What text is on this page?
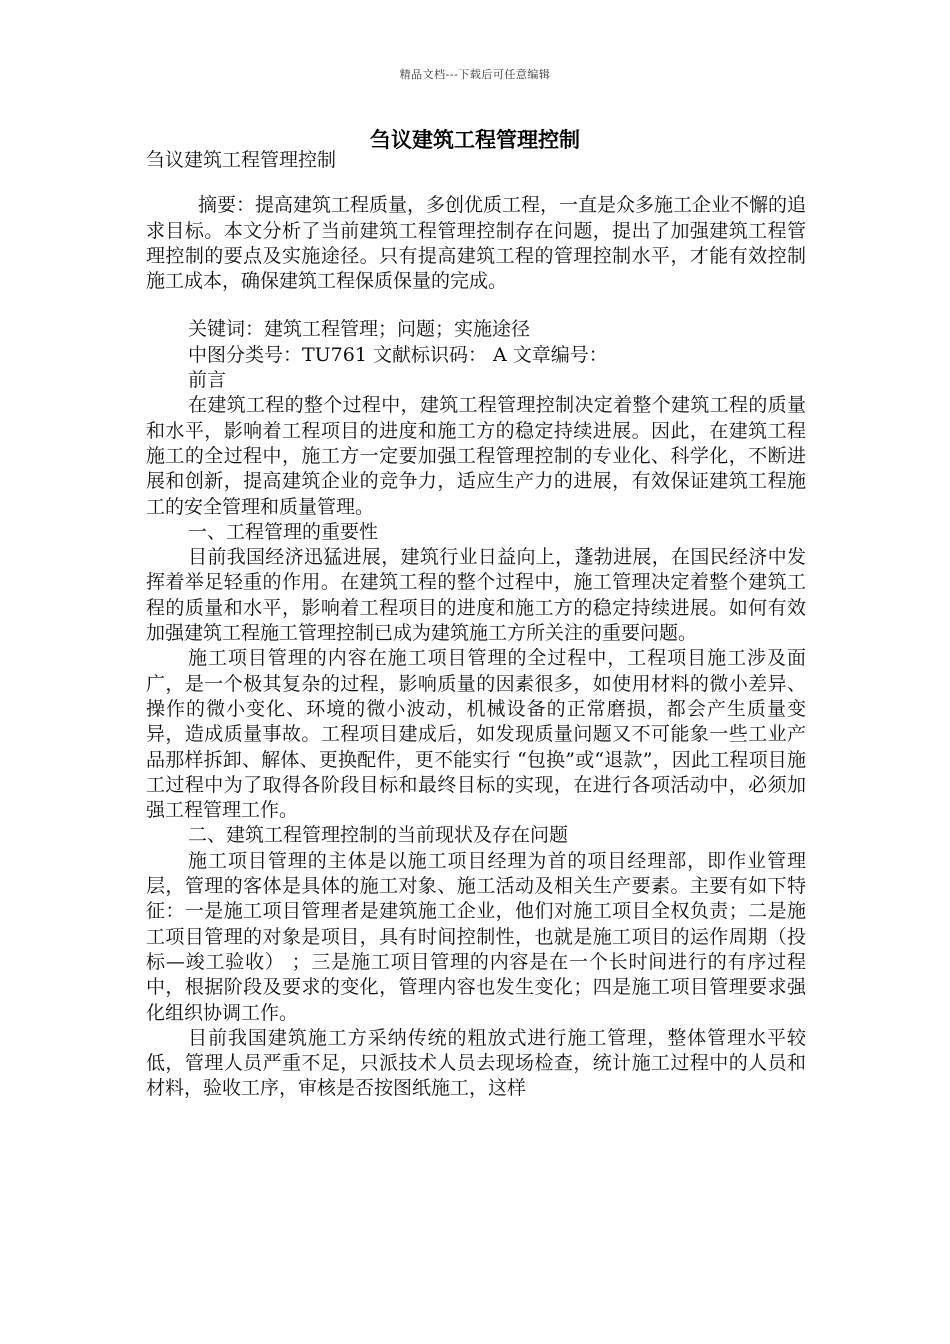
精品文档---下载后可任意编辑
刍议建筑工程管理控制

刍议建筑工程管理控制

摘要：提高建筑工程质量，多创优质工程，一直是众多施工企业不懈的追求目标。本文分析了当前建筑工程管理控制存在问题，提出了加强建筑工程管理控制的要点及实施途径。只有提高建筑工程的管理控制水平，才能有效控制施工成本，确保建筑工程保质保量的完成。

关键词：建筑工程管理；问题；实施途径

中图分类号：TU761 文献标识码： A 文章编号：

前言

在建筑工程的整个过程中，建筑工程管理控制决定着整个建筑工程的质量和水平，影响着工程项目的进度和施工方的稳定持续进展。因此，在建筑工程施工的全过程中，施工方一定要加强工程管理控制的专业化、科学化，不断进展和创新，提高建筑企业的竞争力，适应生产力的进展，有效保证建筑工程施工的安全管理和质量管理。

一、工程管理的重要性

目前我国经济迅猛进展，建筑行业日益向上，蓬勃进展，在国民经济中发挥着举足轻重的作用。在建筑工程的整个过程中，施工管理决定着整个建筑工程的质量和水平，影响着工程项目的进度和施工方的稳定持续进展。如何有效加强建筑工程施工管理控制已成为建筑施工方所关注的重要问题。

施工项目管理的内容在施工项目管理的全过程中，工程项目施工涉及面广，是一个极其复杂的过程，影响质量的因素很多，如使用材料的微小差异、操作的微小变化、环境的微小波动，机械设备的正常磨损，都会产生质量变异，造成质量事故。工程项目建成后，如发现质量问题又不可能象一些工业产品那样拆卸、解体、更换配件，更不能实行 “包换”或“退款”，因此工程项目施工过程中为了取得各阶段目标和最终目标的实现，在进行各项活动中，必须加强工程管理工作。

二、建筑工程管理控制的当前现状及存在问题

施工项目管理的主体是以施工项目经理为首的项目经理部，即作业管理层，管理的客体是具体的施工对象、施工活动及相关生产要素。主要有如下特征：一是施工项目管理者是建筑施工企业，他们对施工项目全权负责；二是施工项目管理的对象是项目，具有时间控制性，也就是施工项目的运作周期（投标—竣工验收） ；三是施工项目管理的内容是在一个长时间进行的有序过程中，根据阶段及要求的变化，管理内容也发生变化；四是施工项目管理要求强化组织协调工作。

目前我国建筑施工方采纳传统的粗放式进行施工管理，整体管理水平较低，管理人员严重不足，只派技术人员去现场检查，统计施工过程中的人员和材料，验收工序，审核是否按图纸施工，这样
